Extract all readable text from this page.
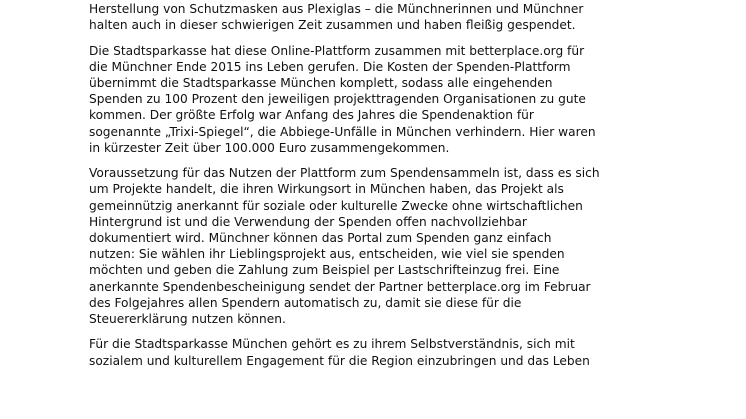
Herstellung von Schutzmasken aus Plexiglas – die Münchnerinnen und Münchner
halten auch in dieser schwierigen Zeit zusammen und haben fleißig gespendet.

Die Stadtsparkasse hat diese Online-Plattform zusammen mit betterplace.org für
die Münchner Ende 2015 ins Leben gerufen. Die Kosten der Spenden-Plattform
übernimmt die Stadtsparkasse München komplett, sodass alle eingehenden
Spenden zu 100 Prozent den jeweiligen projekttragenden Organisationen zu gute
kommen. Der größte Erfolg war Anfang des Jahres die Spendenaktion für
sogenannte „Trixi-Spiegel“, die Abbiege-Unfälle in München verhindern. Hier waren
in kürzester Zeit über 100.000 Euro zusammengekommen.

Voraussetzung für das Nutzen der Plattform zum Spendensammeln ist, dass es sich
um Projekte handelt, die ihren Wirkungsort in München haben, das Projekt als
gemeinnützig anerkannt für soziale oder kulturelle Zwecke ohne wirtschaftlichen
Hintergrund ist und die Verwendung der Spenden offen nachvollziehbar
dokumentiert wird. Münchner können das Portal zum Spenden ganz einfach
nutzen: Sie wählen ihr Lieblingsprojekt aus, entscheiden, wie viel sie spenden
möchten und geben die Zahlung zum Beispiel per Lastschrifteinzug frei. Eine
anerkannte Spendenbescheinigung sendet der Partner betterplace.org im Februar
des Folgejahres allen Spendern automatisch zu, damit sie diese für die
Steuererklärung nutzen können.

Für die Stadtsparkasse München gehört es zu ihrem Selbstverständnis, sich mit
sozialem und kulturellem Engagement für die Region einzubringen und das Leben
